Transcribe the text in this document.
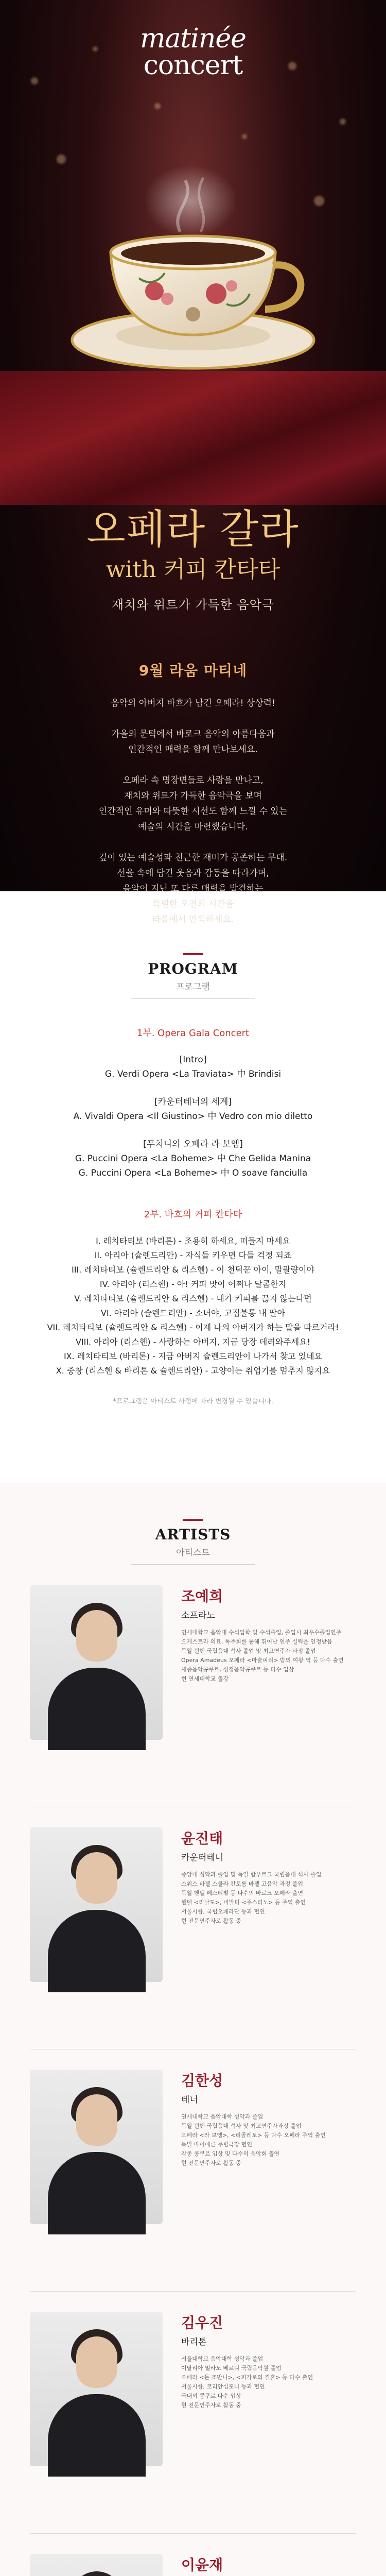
matinée
concert
오페라 갈라
with 커피 칸타타
재치와 위트가 가득한 음악극
9월 라움 마티네
음악의 아버지 바흐가 남긴 오페라! 상상력!

가을의 문턱에서 바로크 음악의 아름다움과
인간적인 매력을 함께 만나보세요.

오페라 속 명장면들로 사랑을 만나고,
재치와 위트가 가득한 음악극을 보며
인간적인 유머와 따뜻한 시선도 함께 느낄 수 있는
예술의 시간을 마련했습니다.

깊이 있는 예술성과 친근한 재미가 공존하는 무대.
선율 속에 담긴 웃음과 감동을 따라가며,
음악이 지닌 또 다른 매력을 발견하는
특별한 오전의 시간을
라움에서 만끽하세요.
PROGRAM
프로그램
1부. Opera Gala Concert
[Intro]
G. Verdi Opera <La Traviata> 中 Brindisi
[카운터테너의 세계]
A. Vivaldi Opera <Il Giustino> 中 Vedro con mio diletto
[푸치니의 오페라 라 보엠]
G. Puccini Opera <La Boheme> 中 Che Gelida Manina
G. Puccini Opera <La Boheme> 中 O soave fanciulla
2부. 바흐의 커피 칸타타
I. 레치타티보 (바리톤) - 조용히 하세요, 떠들지 마세요
II. 아리아 (슐렌드리안) - 자식들 키우면 다들 걱정 되죠
III. 레치타티보 (슐렌드리안 & 리스헨) - 이 천덕꾼 아이, 말괄량이야
IV. 아리아 (리스헨) - 아! 커피 맛이 어쩌나 달콤한지
V. 레치타티보 (슐렌드리안 & 리스헨) - 내가 커피를 끊지 않는다면
VI. 아리아 (슐렌드리안) - 소녀야, 고집불통 내 딸아
VII. 레치타티보 (슐렌드리안 & 리스헨) - 이제 나의 아버지가 하는 말을 따르거라!
VIII. 아리아 (리스헨) - 사랑하는 아버지, 지금 당장 데려와주세요!
IX. 레치타티보 (바리톤) - 지금 아버지 슐렌드리안이 나가서 찾고 있네요
X. 중창 (리스헨 & 바리톤 & 슐렌드리안) - 고양이는 취업기를 멈추지 않지요
*프로그램은 아티스트 사정에 따라 변경될 수 있습니다.
ARTISTS
아티스트
조예희
소프라노
연세대학교 음악대 수석입학 및 수석졸업, 졸업시 최우수졸업연주
오케스트라 의료, 독주회를 통해 뛰어난 연주 실력을 인정받음
독일 뮌헨 국립음대 석사 졸업 및 최고연주자 과정 졸업
Opera Amadeus 오페라 <마술피리> 밤의 여왕 역 등 다수 출연
세종음악콩쿠르, 성정음악콩쿠르 등 다수 입상
현 연세대학교 출강
윤진태
카운터테너
중앙대 성악과 졸업 및 독일 함부르크 국립음대 석사 졸업
스위스 바젤 스콜라 칸토룸 바젤 고음악 과정 졸업
독일 헨델 페스티벌 등 다수의 바로크 오페라 출연
헨델 <리날도>, 비발디 <주스티노> 등 주역 출연
서울시향, 국립오페라단 등과 협연
현 전문연주자로 활동 중
김한성
테너
연세대학교 음악대학 성악과 졸업
독일 뮌헨 국립음대 석사 및 최고연주자과정 졸업
오페라 <라 보엠>, <리골레토> 등 다수 오페라 주역 출연
독일 바이에른 주립극장 협연
각종 콩쿠르 입상 및 다수의 음악회 출연
현 전문연주자로 활동 중
김우진
바리톤
서울대학교 음악대학 성악과 졸업
이탈리아 밀라노 베르디 국립음악원 졸업
오페라 <돈 조반니>, <피가로의 결혼> 등 다수 출연
서울시향, 코리안심포니 등과 협연
국내외 콩쿠르 다수 입상
현 전문연주자로 활동 중
이윤재
